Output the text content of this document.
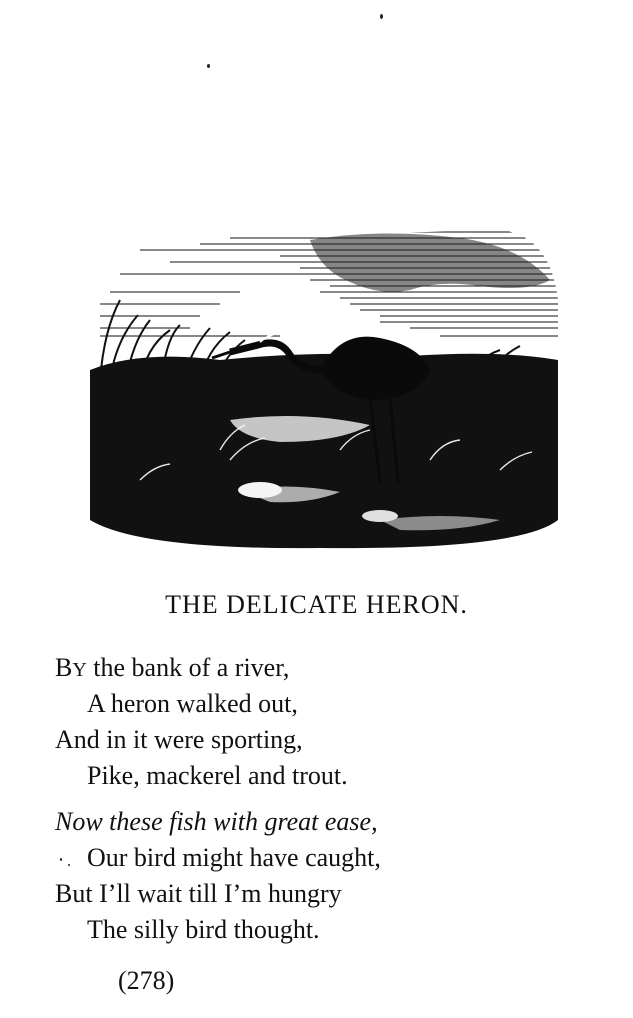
THE DELICATE HERON.
BY the bank of a river,
A heron walked out,
And in it were sporting,
Pike, mackerel and trout.
Now these fish with great ease,
Our bird might have caught,
But I’ll wait till I’m hungry
The silly bird thought.
(278)
